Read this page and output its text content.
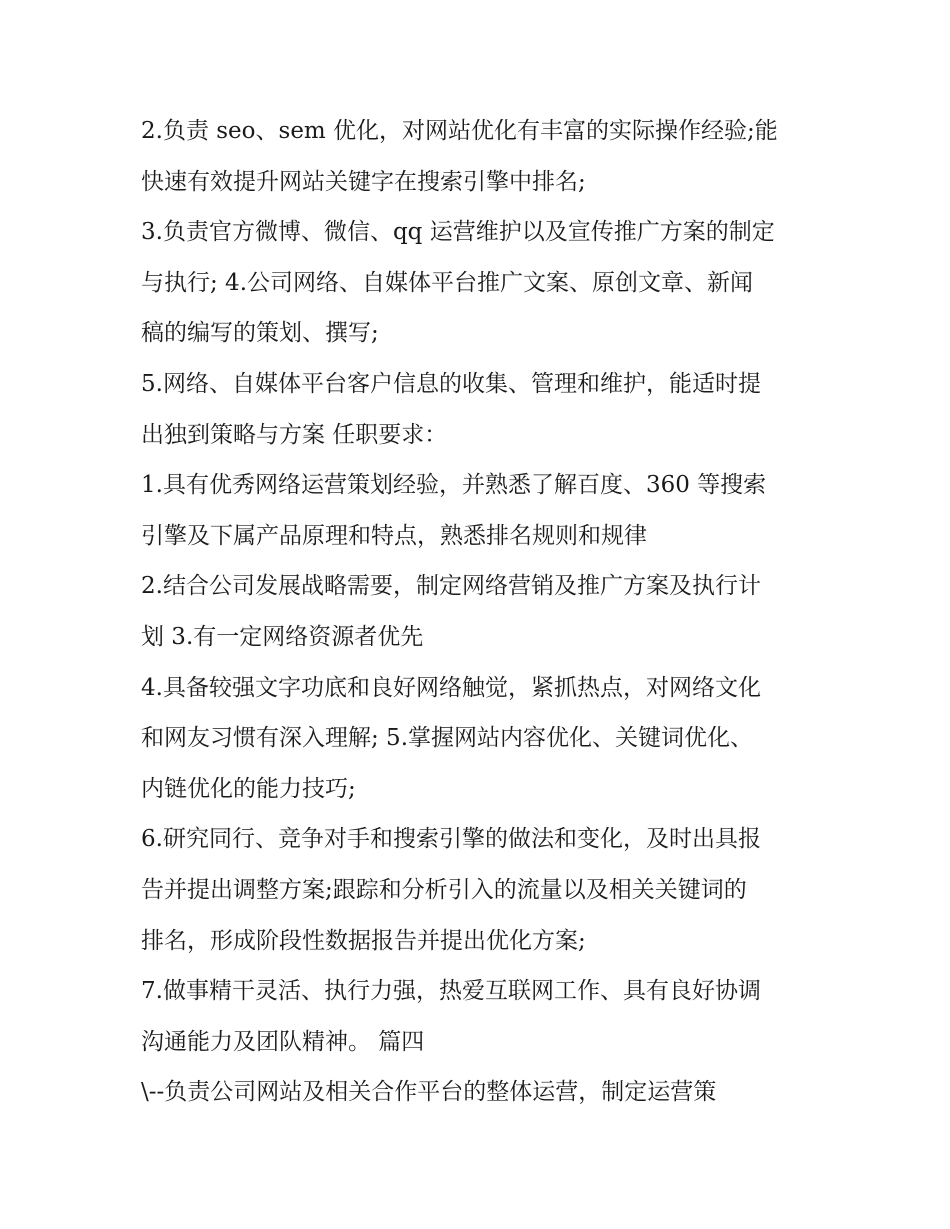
2.负责 seo、sem 优化，对网站优化有丰富的实际操作经验;能
快速有效提升网站关键字在搜索引擎中排名;
3.负责官方微博、微信、qq 运营维护以及宣传推广方案的制定
与执行; 4.公司网络、自媒体平台推广文案、原创文章、新闻
稿的编写的策划、撰写;
5.网络、自媒体平台客户信息的收集、管理和维护，能适时提
出独到策略与方案 任职要求：
1.具有优秀网络运营策划经验，并熟悉了解百度、360 等搜索
引擎及下属产品原理和特点，熟悉排名规则和规律
2.结合公司发展战略需要，制定网络营销及推广方案及执行计
划 3.有一定网络资源者优先
4.具备较强文字功底和良好网络触觉，紧抓热点，对网络文化
和网友习惯有深入理解; 5.掌握网站内容优化、关键词优化、
内链优化的能力技巧;
6.研究同行、竞争对手和搜索引擎的做法和变化，及时出具报
告并提出调整方案;跟踪和分析引入的流量以及相关关键词的
排名，形成阶段性数据报告并提出优化方案;
7.做事精干灵活、执行力强，热爱互联网工作、具有良好协调
沟通能力及团队精神。 篇四
\--负责公司网站及相关合作平台的整体运营，制定运营策
